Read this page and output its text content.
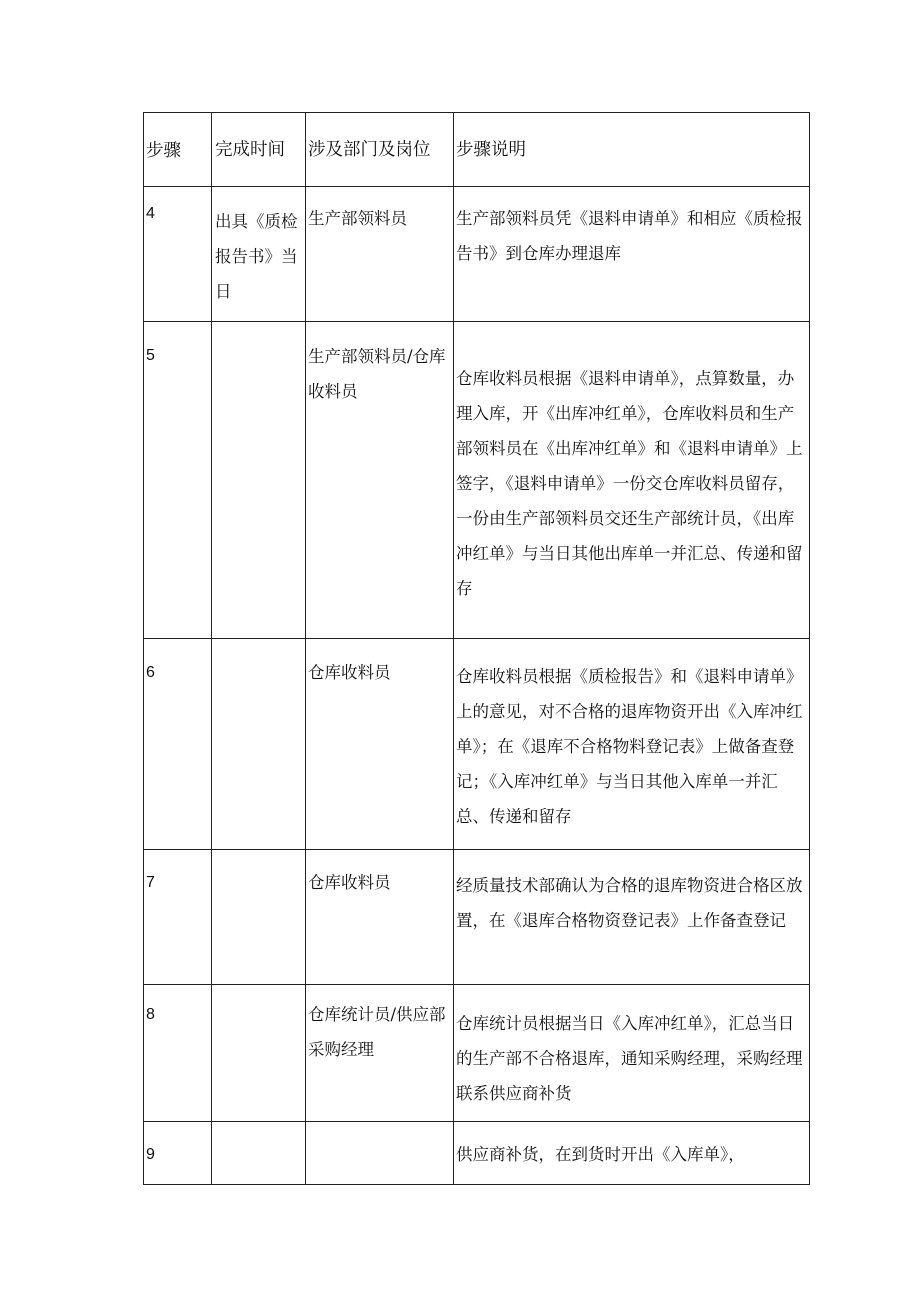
步骤	完成时间	涉及部门及岗位	步骤说明

4	出具《质检报告书》当日	生产部领料员	生产部领料员凭《退料申请单》和相应《质检报告书》到仓库办理退库

5		生产部领料员/仓库收料员	仓库收料员根据《退料申请单》，点算数量，办理入库，开《出库冲红单》，仓库收料员和生产部领料员在《出库冲红单》和《退料申请单》上签字，《退料申请单》一份交仓库收料员留存，一份由生产部领料员交还生产部统计员，《出库冲红单》与当日其他出库单一并汇总、传递和留存

6		仓库收料员	仓库收料员根据《质检报告》和《退料申请单》上的意见，对不合格的退库物资开出《入库冲红单》；在《退库不合格物料登记表》上做备查登记；《入库冲红单》与当日其他入库单一并汇总、传递和留存

7		仓库收料员	经质量技术部确认为合格的退库物资进合格区放置，在《退库合格物资登记表》上作备查登记

8		仓库统计员/供应部采购经理	仓库统计员根据当日《入库冲红单》，汇总当日的生产部不合格退库，通知采购经理，采购经理联系供应商补货

9			供应商补货，在到货时开出《入库单》，
